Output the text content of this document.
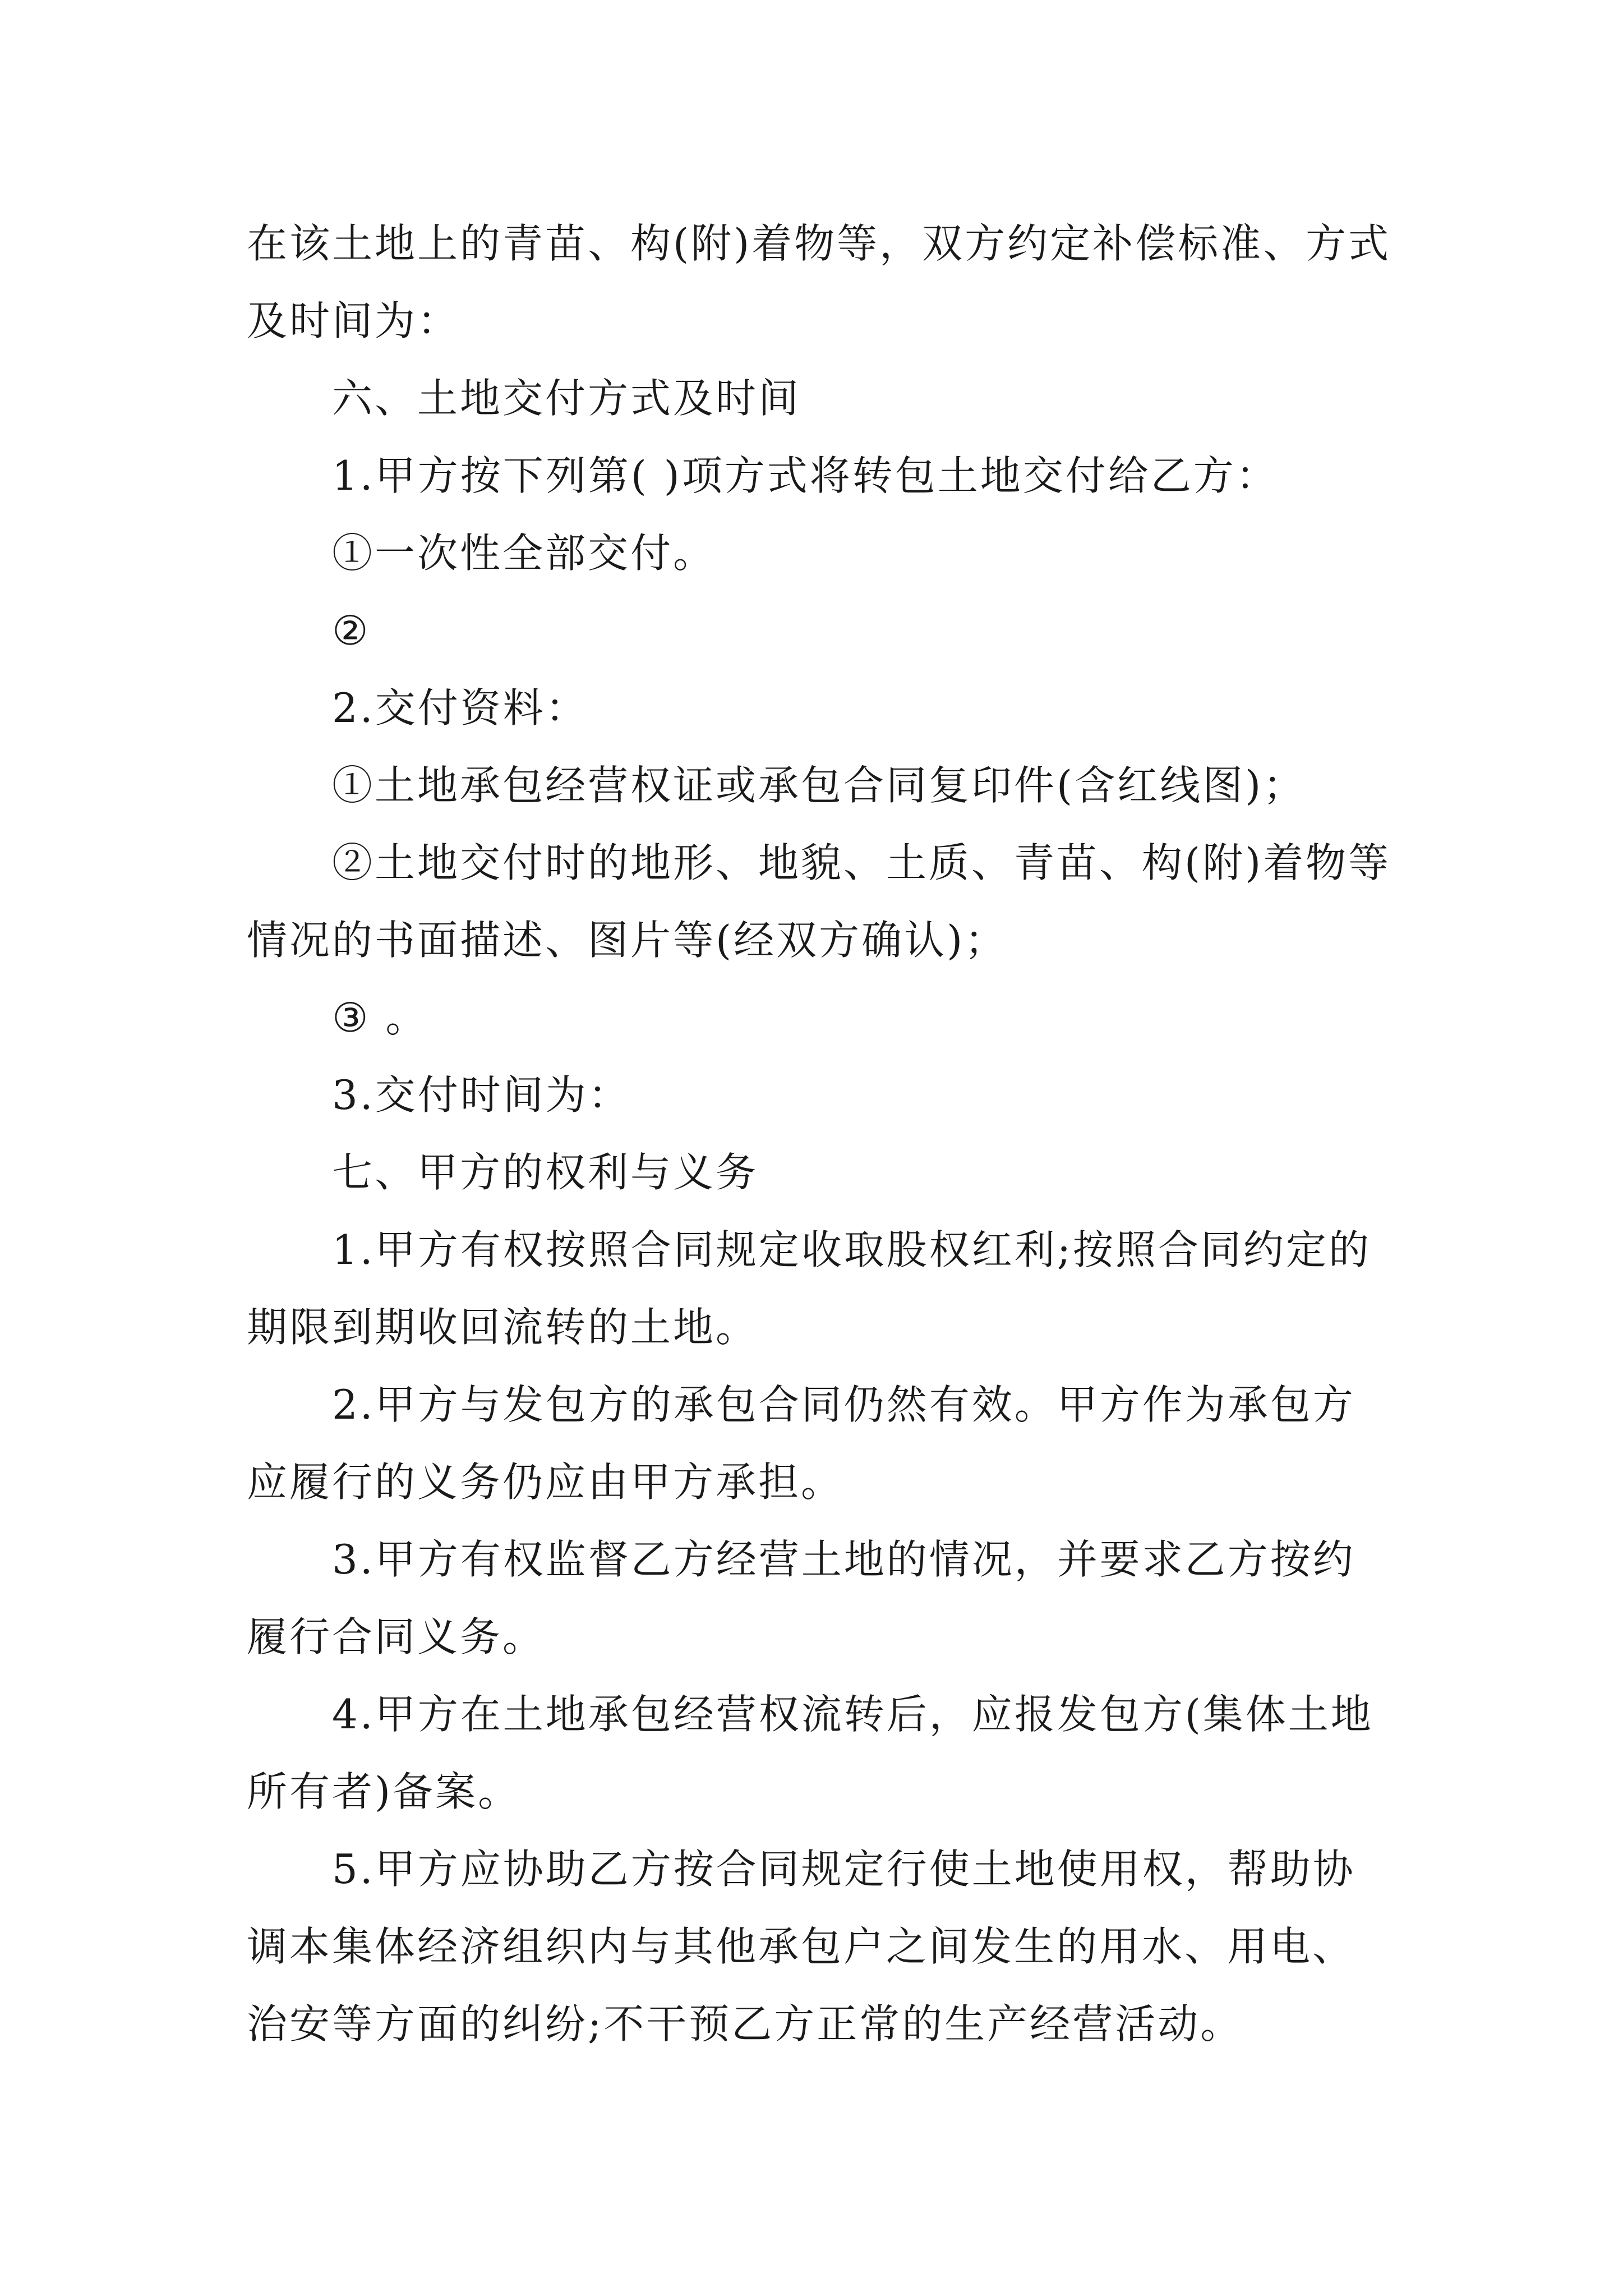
在该土地上的青苗、构(附)着物等，双方约定补偿标准、方式及时间为：

六、土地交付方式及时间

1.甲方按下列第( )项方式将转包土地交付给乙方：

①一次性全部交付。

②

2.交付资料：

①土地承包经营权证或承包合同复印件(含红线图)；

②土地交付时的地形、地貌、土质、青苗、构(附)着物等情况的书面描述、图片等(经双方确认)；

③ 。

3.交付时间为：

七、甲方的权利与义务

1.甲方有权按照合同规定收取股权红利;按照合同约定的期限到期收回流转的土地。

2.甲方与发包方的承包合同仍然有效。甲方作为承包方应履行的义务仍应由甲方承担。

3.甲方有权监督乙方经营土地的情况，并要求乙方按约履行合同义务。

4.甲方在土地承包经营权流转后，应报发包方(集体土地所有者)备案。

5.甲方应协助乙方按合同规定行使土地使用权，帮助协调本集体经济组织内与其他承包户之间发生的用水、用电、治安等方面的纠纷;不干预乙方正常的生产经营活动。
